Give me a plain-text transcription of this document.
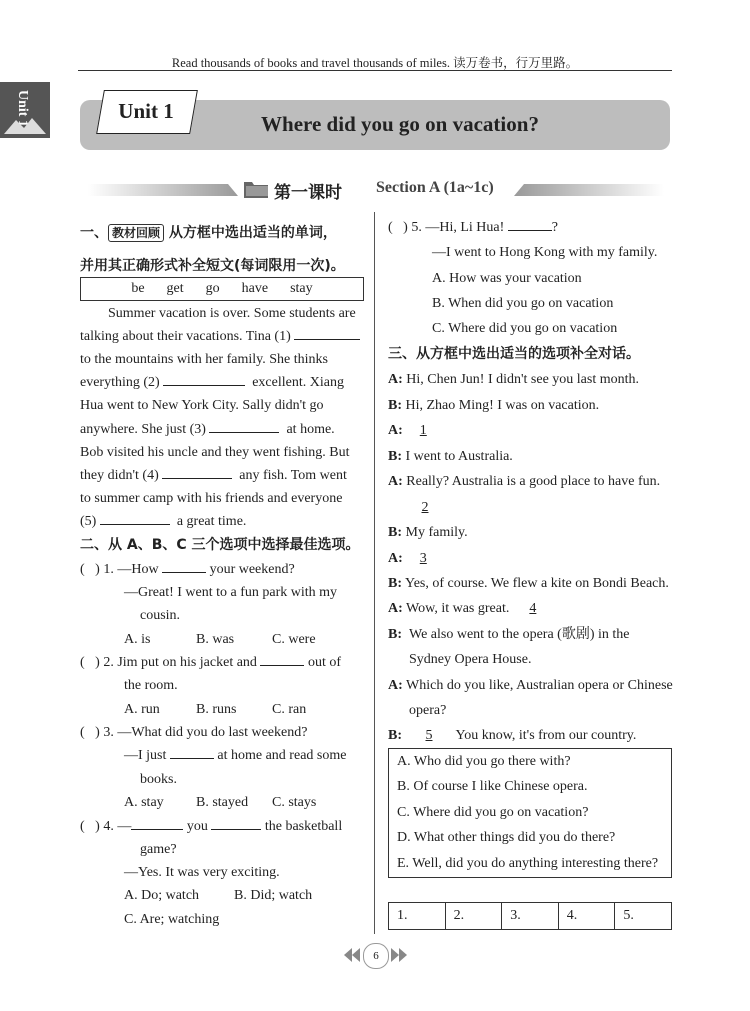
Read thousands of books and travel thousands of miles. 读万卷书，行万里路。
Unit 1	Unit 1
Where did you go on vacation?
第一课时 Section A (1a~1c)
一、 教材回顾 从方框中选出适当的单词，
并用其正确形式补全短文(每词限用一次)。
be get go have stay
Summer vacation is over. Some students are
talking about their vacations. Tina (1)
to the mountains with her family. She thinks
everything (2)	excellent. Xiang
Hua went to New York City. Sally didn't go
anywhere. She just (3)	at home.
Bob visited his uncle and they went fishing. But
they didn't (4)	any fish. Tom went
to summer camp with his friends and everyone
(5)	a great time.
二、从 A、B、C 三个选项中选择最佳选项。
(   ) 1. —How	your weekend?
—Great! I went to a fun park with my
cousin.
A. is	B. was	C. were
(   ) 2. Jim put on his jacket and	out of
the room.
A. run	B. runs	C. ran
(   ) 3. —What did you do last weekend?
—I just	at home and read some
books.
A. stay B. stayed C. stays
(   ) 4. —	you	the basketball
game?
—Yes. It was very exciting.
A. Do; watch B. Did; watch
C. Are; watching
(   ) 5. —Hi, Li Hua!	?
—I went to Hong Kong with my family.
A. How was your vacation
B. When did you go on vacation
C. Where did you go on vacation
三、从方框中选出适当的选项补全对话。
A: Hi, Chen Jun! I didn't see you last month.
B: Hi, Zhao Ming! I was on vacation.
A: 1
B: I went to Australia.
A: Really? Australia is a good place to have fun.
2
B: My family.
A: 3
B: Yes, of course. We flew a kite on Bondi Beach.
A: Wow, it was great. 4
B: We also went to the opera (歌剧) in the
Sydney Opera House.
A: Which do you like, Australian opera or Chinese
opera?
B: 5 You know, it's from our country.
A. Who did you go there with?
B. Of course I like Chinese opera.
C. Where did you go on vacation?
D. What other things did you do there?
E. Well, did you do anything interesting there?
1.	2.	3.	4.	5.
6
